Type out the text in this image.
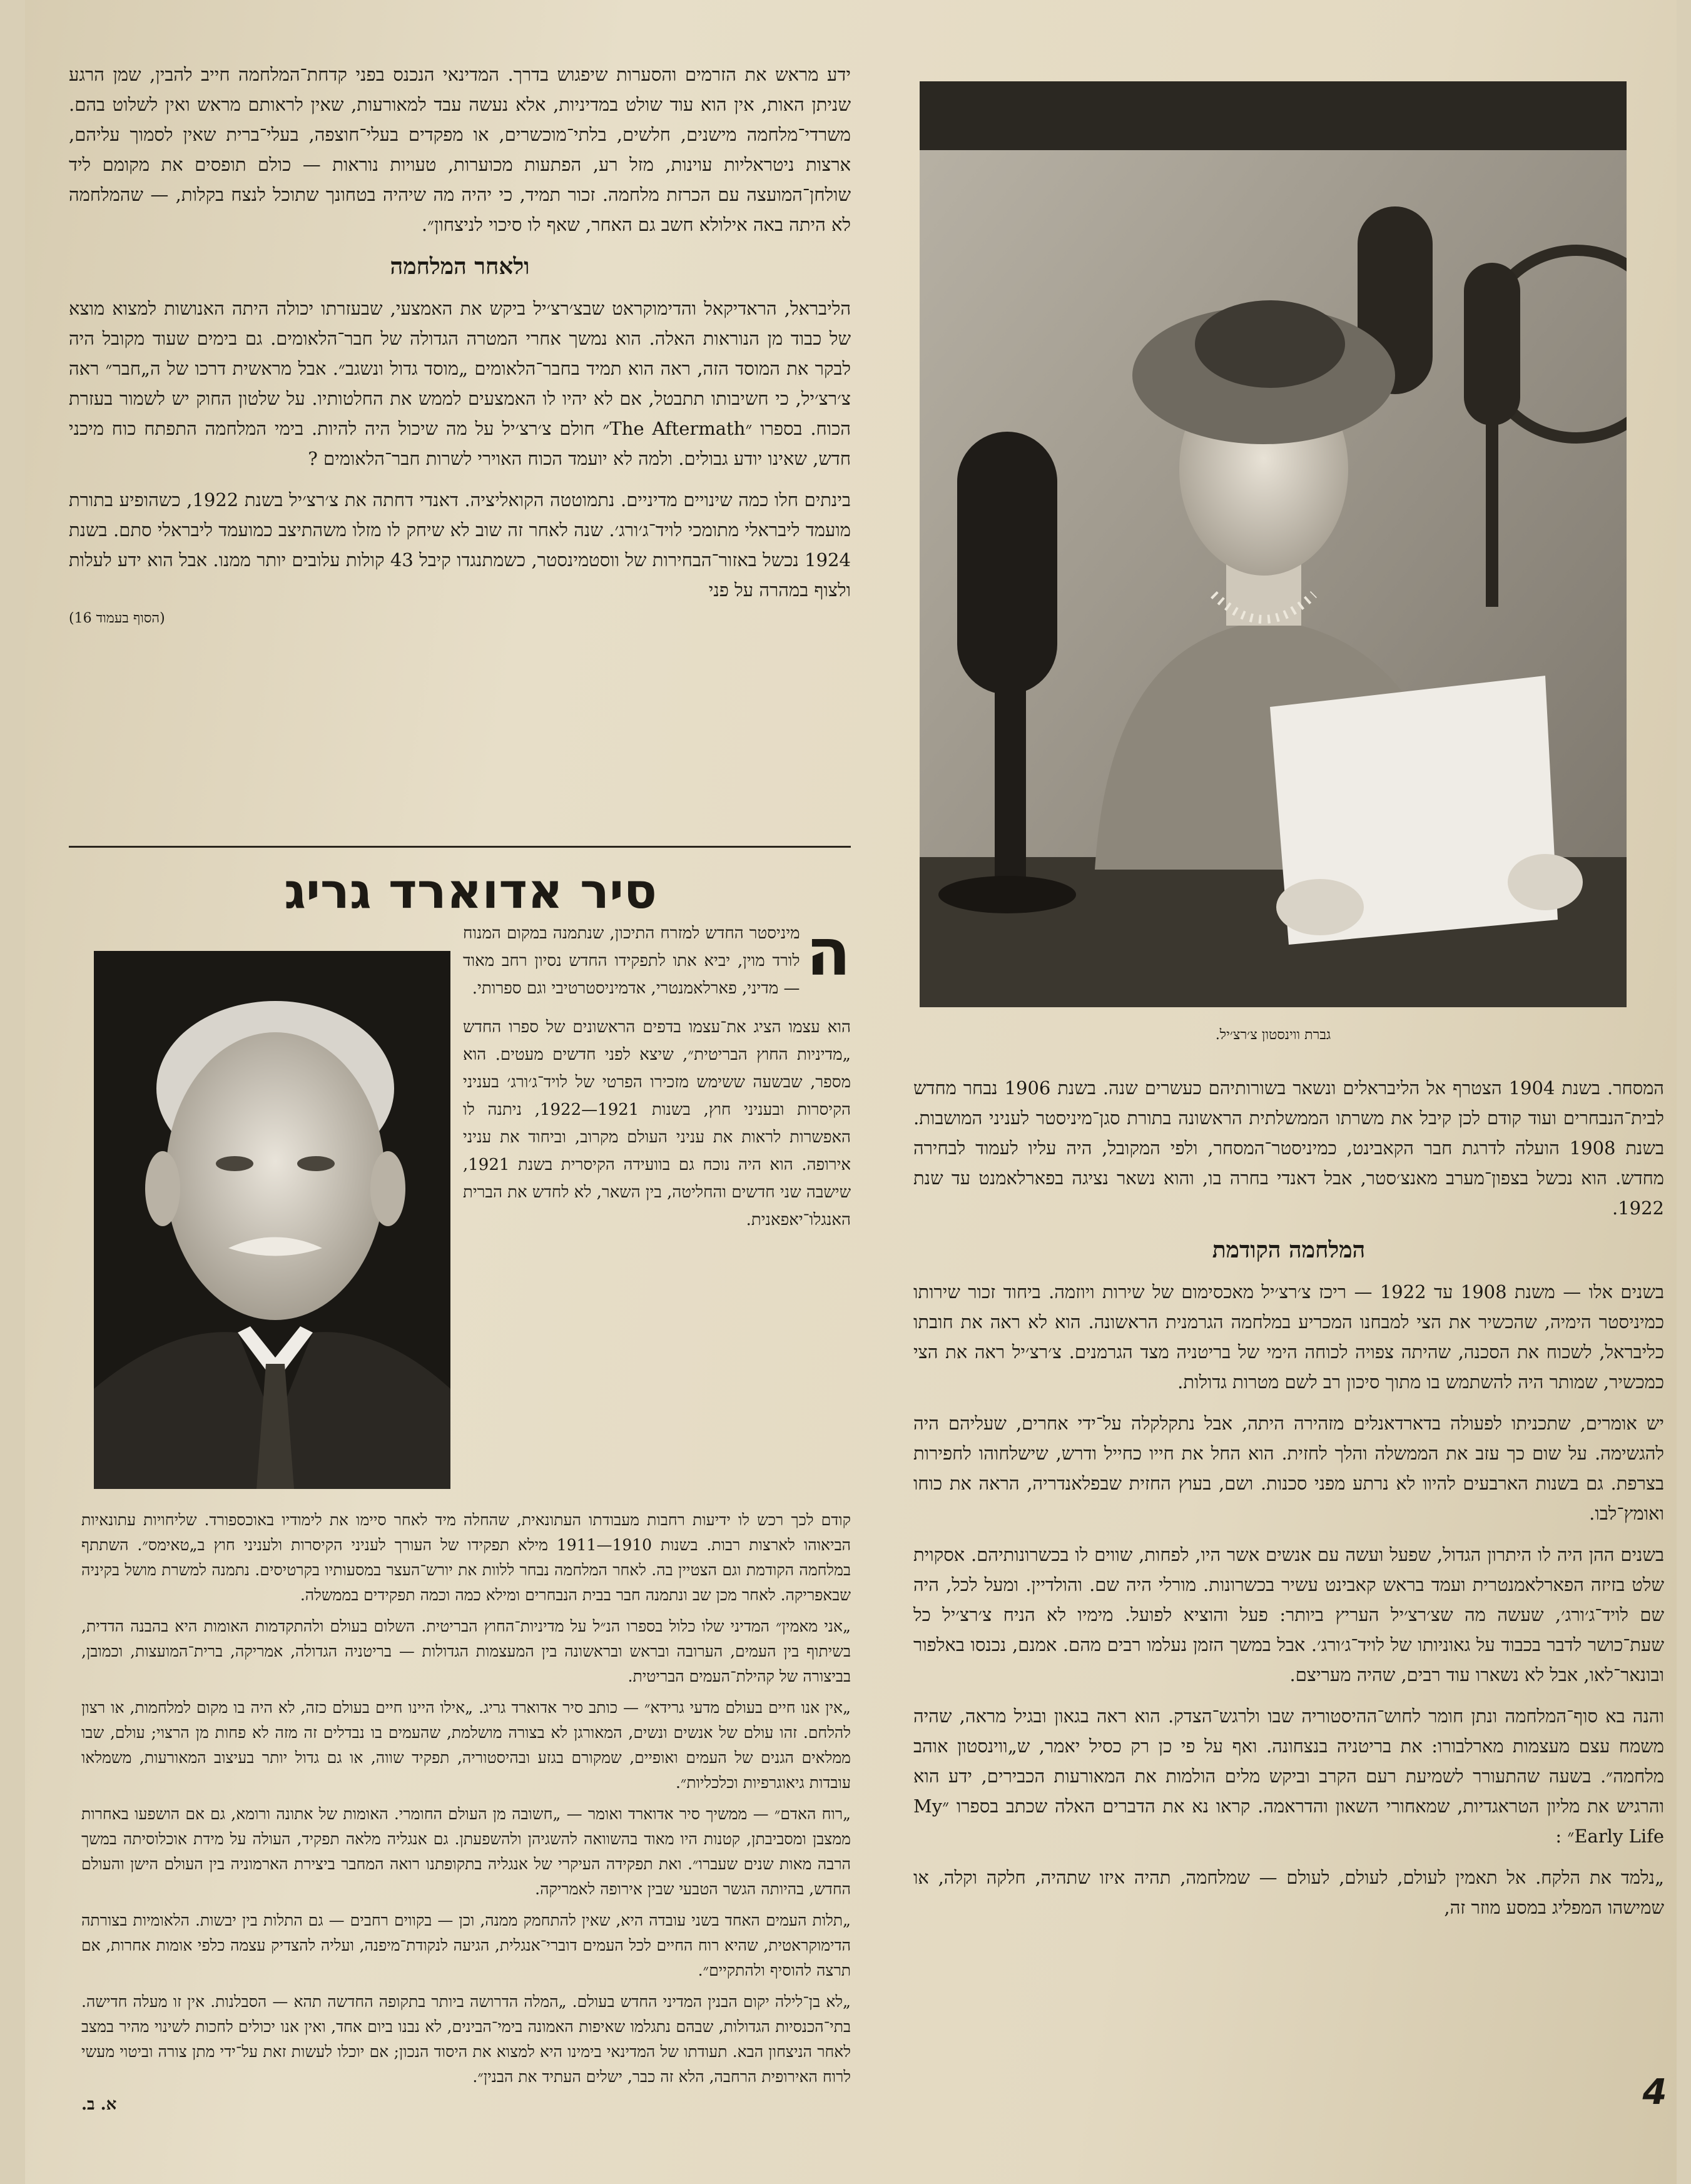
ידע מראש את הזרמים והסערות שיפגוש בדרך. המדינאי הנכנס בפני קדחת־המלחמה חייב להבין, שמן הרגע שניתן האות, אין הוא עוד שולט במדיניות, אלא נעשה עבד למאורעות, שאין לראותם מראש ואין לשלוט בהם. משרדי־מלחמה מישנים, חלשים, בלתי־מוכשרים, או מפקדים בעלי־חוצפה, בעלי־ברית שאין לסמוך עליהם, ארצות ניטראליות עוינות, מזל רע, הפתעות מכוערות, טעויות נוראות — כולם תופסים את מקומם ליד שולחן־המועצה עם הכרזת מלחמה. זכור תמיד, כי יהיה מה שיהיה בטחונך שתוכל לנצח בקלות, — שהמלחמה לא היתה באה אילולא חשב גם האחר, שאף לו סיכוי לניצחון״.

ולאחר המלחמה

הליבראל, הראדיקאל והדימוקראט שבצ׳רצ׳יל ביקש את האמצעי, שבעזרתו יכולה היתה האנושות למצוא מוצא של כבוד מן הנוראות האלה. הוא נמשך אחרי המטרה הגדולה של חבר־הלאומים. גם בימים שעוד מקובל היה לבקר את המוסד הזה, ראה הוא תמיד בחבר־הלאומים „מוסד גדול ונשגב״. אבל מראשית דרכו של ה„חבר״ ראה צ׳רצ׳יל, כי חשיבותו תתבטל, אם לא יהיו לו האמצעים לממש את החלטותיו. על שלטון החוק יש לשמור בעזרת הכוח. בספרו ״The Aftermath״ חולם צ׳רצ׳יל על מה שיכול היה להיות. בימי המלחמה התפתח כוח מיכני חדש, שאינו יודע גבולים. ולמה לא יועמד הכוח האוירי לשרות חבר־הלאומים ?

בינתים חלו כמה שינויים מדיניים. נתמוטטה הקואליציה. דאנדי דחתה את צ׳רצ׳יל בשנת 1922, כשהופיע בתורת מועמד ליבראלי מתומכי לויד־ג׳ורג׳. שנה לאחר זה שוב לא שיחק לו מזלו משהתיצב כמועמד ליבראלי סתם. בשנת 1924 נכשל באזור־הבחירות של ווסטמינסטר, כשמתנגדו קיבל 43 קולות עלובים יותר ממנו. אבל הוא ידע לעלות ולצוף במהרה על פני

(הסוף בעמוד 16)
גברת ווינסטון צ׳רצ׳יל.

המסחר. בשנת 1904 הצטרף אל הליבראלים ונשאר בשורותיהם כעשרים שנה. בשנת 1906 נבחר מחדש לבית־הנבחרים ועוד קודם לכן קיבל את משרתו הממשלתית הראשונה בתורת סגן־מיניסטר לעניני המושבות. בשנת 1908 הועלה לדרגת חבר הקאבינט, כמיניסטר־המסחר, ולפי המקובל, היה עליו לעמוד לבחירה מחדש. הוא נכשל בצפון־מערב מאנצ׳סטר, אבל דאנדי בחרה בו, והוא נשאר נציגה בפארלאמנט עד שנת 1922.

המלחמה הקודמת

בשנים אלו — משנת 1908 עד 1922 — ריכז צ׳רצ׳יל מאכסימום של שירות ויוזמה. ביחוד זכור שירותו כמיניסטר הימיה, שהכשיר את הצי למבחנו המכריע במלחמה הגרמנית הראשונה. הוא לא ראה את חובתו כליבראל, לשכוח את הסכנה, שהיתה צפויה לכוחה הימי של בריטניה מצד הגרמנים. צ׳רצ׳יל ראה את הצי כמכשיר, שמותר היה להשתמש בו מתוך סיכון רב לשם מטרות גדולות.

יש אומרים, שתכניתו לפעולה בדארדאנלים מזהירה היתה, אבל נתקלקלה על־ידי אחרים, שעליהם היה להגשימה. על שום כך עזב את הממשלה והלך לחזית. הוא החל את חייו כחייל ודרש, שישלחוהו לחפירות בצרפת. גם בשנות הארבעים להיוו לא נרתע מפני סכנות. ושם, בעוץ החזית שבפלאנדריה, הראה את כוחו ואומץ־לבו.

בשנים ההן היה לו היתרון הגדול, שפעל ועשה עם אנשים אשר היו, לפחות, שווים לו בכשרונותיהם. אסקוית שלט בזיזה הפארלאמנטרית ועמד בראש קאבינט עשיר בכשרונות. מורלי היה שם. והולדיין. ומעל לכל, היה שם לויד־ג׳ורג׳, שעשה מה שצ׳רצ׳יל העריץ ביותר: פעל והוציא לפועל. מימיו לא הניח צ׳רצ׳יל כל שעת־כושר לדבר בכבוד על גאוניותו של לויד־ג׳ורג׳. אבל במשך הזמן נעלמו רבים מהם. אמנם, נכנסו באלפור ובונאר־לאו, אבל לא נשארו עוד רבים, שהיה מעריצם.

והנה בא סוף־המלחמה ונתן חומר לחוש־ההיסטוריה שבו ולרגש־הצדק. הוא ראה בגאון ובגיל מראה, שהיה משמח עצם מעצמות מארלבורו: את בריטניה בנצחונה. ואף על פי כן רק כסיל יאמר, ש„ווינסטון אוהב מלחמה״. בשעה שהתעורר לשמיעת רעם הקרב וביקש מלים הולמות את המאורעות הכבירים, ידע הוא והרגיש את מליון הטראגדיות, שמאחורי השאון והדראמה. קראו נא את הדברים האלה שכתב בספרו ״My Early Life״ :

„נלמד את הלקח. אל תאמין לעולם, לעולם, לעולם — שמלחמה, תהיה איזו שתהיה, חלקה וקלה, או שמישהו המפליג במסע מוזר זה,

סיר אדוארד גריג

ה
מיניסטר החדש למזרח התיכון, שנתמנה במקום המנוח לורד מוין, יביא אתו לתפקידו החדש נסיון רחב מאוד — מדיני, פארלאמנטרי, אדמיניסטרטיבי וגם ספרותי.

הוא עצמו הציג את־עצמו בדפים הראשונים של ספרו החדש „מדיניות החוץ הבריטית״, שיצא לפני חדשים מעטים. הוא מספר, שבשעה ששימש מזכירו הפרטי של לויד־ג׳ורג׳ בעניני הקיסרות ובעניני חוץ, בשנות 1921—1922, ניתנה לו האפשרות לראות את עניני העולם מקרוב, וביחוד את עניני אירופה. הוא היה נוכח גם בוועידה הקיסרית בשנת 1921, שישבה שני חדשים והחליטה, בין השאר, לא לחדש את הברית האנגלו־יאפאנית.

קודם לכך רכש לו ידיעות רחבות מעבודתו העתונאית, שהחלה מיד לאחר סיימו את לימודיו באוכספורד. שליחויות עתונאיות הביאוהו לארצות רבות. בשנות 1910—1911 מילא תפקידו של העורך לעניני הקיסרות ולעניני חוץ ב„טאימס״. השתתף במלחמה הקודמת וגם הצטיין בה. לאחר המלחמה נבחר ללוות את יורש־העצר במסעותיו בקרטיסים. נתמנה למשרת מושל בקיניה שבאפריקה. לאחר מכן שב ונתמנה חבר בבית הנבחרים ומילא כמה וכמה תפקידים בממשלה.

„אני מאמין״ המדיני שלו כלול בספרו הנ״ל על מדיניות־החוץ הבריטית. השלום בעולם ולהתקדמות האומות היא בהבנה הדדית, בשיתוף בין העמים, הערובה ובראש ובראשונה בין המעצמות הגדולות — בריטניה הגדולה, אמריקה, ברית־המועצות, וכמובן, בביצורה של קהילת־העמים הבריטית.

„אין אנו חיים בעולם מדעי גרידא״ — כותב סיר אדוארד גריג. „אילו היינו חיים בעולם כזה, לא היה בו מקום למלחמות, או רצון להלחם. זהו עולם של אנשים ונשים, המאורגן לא בצורה מושלמת, שהעמים בו נבדלים זה מזה לא פחות מן הרצוי; עולם, שבו ממלאים הגנים של העמים ואופיים, שמקורם בגזע ובהיסטוריה, תפקיד שווה, או גם גדול יותר בעיצוב המאורעות, משמלאו עובדות גיאוגרפיות וכלכליות״.

„רוח האדם״ — ממשיך סיר אדוארד ואומר — „חשובה מן העולם החומרי. האומות של אתונה ורומא, גם אם הושפעו באחרות ממצבן ומסביבתן, קטנות היו מאוד בהשוואה להשגיהן ולהשפעתן. גם אנגליה מלאה תפקיד, העולה על מידת אוכלוסיתה במשך הרבה מאות שנים שעברו״. ואת תפקידה העיקרי של אנגליה בתקופתנו רואה המחבר ביצירת הארמוניה בין העולם הישן והעולם החדש, בהיותה הגשר הטבעי שבין אירופה לאמריקה.

„תלות העמים האחד בשני עובדה היא, שאין להתחמק ממנה, וכן — בקווים רחבים — גם התלות בין יבשות. הלאומיות בצורתה הדימוקראטית, שהיא רוח החיים לכל העמים דוברי־אנגלית, הגיעה לנקודת־מיפנה, ועליה להצדיק עצמה כלפי אומות אחרות, אם תרצה להוסיף ולהתקיים״.

„לא בן־לילה יקום הבנין המדיני החדש בעולם. „המלה הדרושה ביותר בתקופה החדשה תהא — הסבלנות. אין זו מעלה חדישה. בתי־הכנסיות הגדולות, שבהם נתגלמו שאיפות האמונה בימי־הבינים, לא נבנו ביום אחד, ואין אנו יכולים לחכות לשינוי מהיר במצב לאחר הניצחון הבא. תעודתו של המדינאי בימינו היא למצוא את היסוד הנכון; אם יוכלו לעשות זאת על־ידי מתן צורה וביטוי מעשי לרוח האירופית הרחבה, הלא זה כבר, ישלים העתיד את הבנין״.

א. ב.	4
